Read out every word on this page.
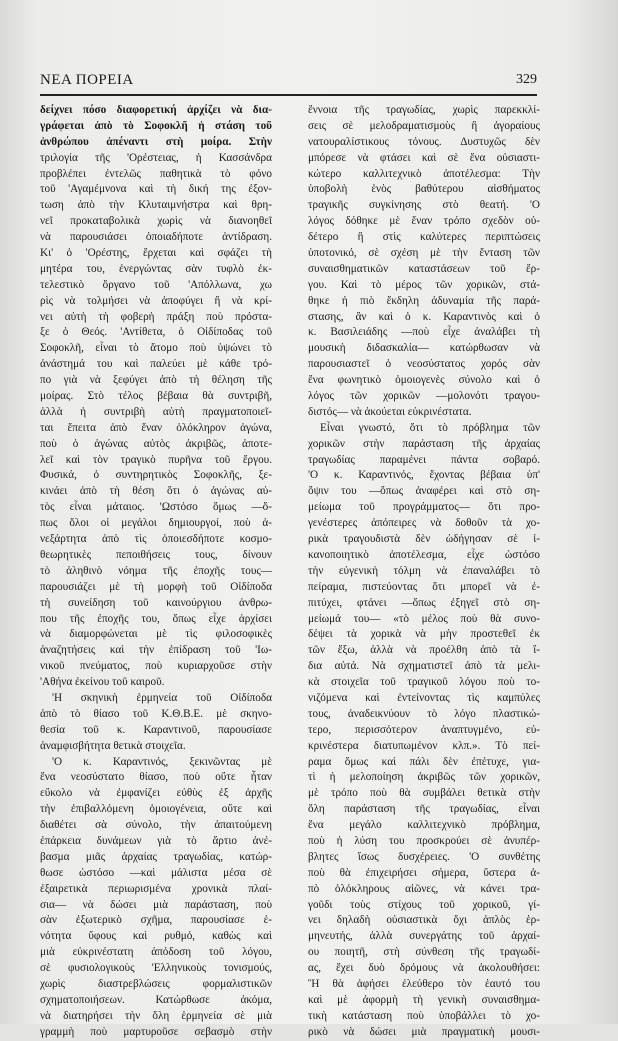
ΝΕΑ ΠΟΡΕΙΑ	329
δείχνει πόσο διαφορετική ἀρχίζει νὰ δια-
γράφεται ἀπὸ τὸ Σοφοκλῆ ἡ στάση τοῦ
ἀνθρώπου ἀπέναντι στὴ μοίρα. Στὴν
τριλογία τῆς 'Ορέστειας, ἡ Κασσάνδρα
προβλέπει ἐντελῶς παθητικὰ τὸ φόνο
τοῦ 'Αγαμέμνονα καὶ τὴ δική της ἐξον-
τωση ἀπὸ τὴν Κλυταιμνήστρα καὶ θρη-
νεῖ προκαταβολικὰ χωρὶς νὰ διανοηθεῖ
νὰ παρουσιάσει ὁποιαδήποτε ἀντίδραση.
Κι' ὁ 'Ορέστης, ἔρχεται καὶ σφάζει τὴ
μητέρα του, ἐνεργώντας σὰν τυφλὸ ἐκ-
τελεστικὸ ὄργανο τοῦ 'Απόλλωνα, χω
ρὶς νὰ τολμήσει νὰ ἀποφύγει ἢ νὰ κρί-
νει αὐτὴ τὴ φοβερὴ πράξη ποὺ πρόστα-
ξε ὁ Θεός. 'Αντίθετα, ὁ Οἰδίποδας τοῦ
Σοφοκλῆ, εἶναι τὸ ἄτομο ποὺ ὑψώνει τὸ
ἀνάστημά του καὶ παλεύει μὲ κάθε τρό-
πο γιὰ νὰ ξεφύγει ἀπὸ τὴ θέληση τῆς
μοίρας. Στὸ τέλος βέβαια θὰ συντριβῆ,
ἀλλὰ ἡ συντριβὴ αὐτὴ πραγματοποιεῖ-
ται ἔπειτα ἀπὸ ἕναν ὁλόκληρον ἀγώνα,
ποὺ ὁ ἀγώνας αὐτὸς ἀκριβῶς, ἀποτε-
λεῖ καὶ τὸν τραγικὸ πυρῆνα τοῦ ἔργου.
Φυσικά, ὁ συντηρητικὸς Σοφοκλῆς, ξε-
κινάει ἀπὸ τὴ θέση ὅτι ὁ ἀγώνας αὐ-
τὸς εἶναι μάταιος. 'Ωστόσο ὅμως —ὅ-
πως ὅλοι οἱ μεγάλοι δημιουργοί, ποὺ ἀ-
νεξάρτητα ἀπὸ τὶς ὁποιεσδήποτε κοσμο-
θεωρητικὲς πεποιθήσεις τους, δίνουν
τὸ ἀληθινὸ νόημα τῆς ἐποχῆς τους—
παρουσιάζει μὲ τὴ μορφὴ τοῦ Οἰδίποδα
τὴ συνείδηση τοῦ καινούργιου ἀνθρω-
που τῆς ἐποχῆς του, ὅπως εἶχε ἀρχίσει
νὰ διαμορφώνεται μὲ τὶς φιλοσοφικὲς
ἀναζητήσεις καὶ τὴν ἐπίδραση τοῦ 'Ιω-
νικοῦ πνεύματος, ποὺ κυριαρχοῦσε στὴν
'Αθήνα ἐκείνου τοῦ καιροῦ.
'Η σκηνικὴ ἑρμηνεία τοῦ Οἰδίποδα
ἀπὸ τὸ θίασο τοῦ Κ.Θ.Β.Ε. μὲ σκηνο-
θεσία τοῦ κ. Καραντινοῦ, παρουσίασε
ἀναμφισβήτητα θετικὰ στοιχεῖα.
'Ο κ. Καραντινός, ξεκινῶντας μὲ
ἕνα νεοσύστατο θίασο, ποὺ οὔτε ἦταν
εὔκολο νὰ ἐμφανίζει εὐθὺς ἐξ ἀρχῆς
τὴν ἐπιβαλλόμενη ὁμοιογένεια, οὔτε καὶ
διαθέτει σὰ σύνολο, τὴν ἀπαιτούμενη
ἐπάρκεια δυνάμεων γιὰ τὸ ἄρτιο ἀνέ-
βασμα μιᾶς ἀρχαίας τραγωδίας, κατώρ-
θωσε ὡστόσο —καὶ μάλιστα μέσα σὲ
ἐξαιρετικὰ περιωρισμένα χρονικὰ πλαί-
σια— νὰ δώσει μιὰ παράσταση, ποὺ
σὰν ἐξωτερικὸ σχῆμα, παρουσίασε ἑ-
νότητα ὕφους καὶ ρυθμό, καθὼς καὶ
μιὰ εὐκρινέστατη ἀπόδοση τοῦ λόγου,
σὲ φυσιολογικοὺς 'Ελληνικοὺς τονισμούς,
χωρὶς διαστρεβλώσεις φορμαλιστικῶν
σχηματοποιήσεων. Κατώρθωσε ἀκόμα,
νὰ διατηρήσει τὴν ὅλη ἑρμηνεία σὲ μιὰ
γραμμὴ ποὺ μαρτυροῦσε σεβασμὸ στὴν
ἔννοια τῆς τραγωδίας, χωρὶς παρεκκλί-
σεις σὲ μελοδραματισμοὺς ἢ ἀγοραίους
νατουραλίστικους τόνους. Δυστυχῶς δὲν
μπόρεσε νὰ φτάσει καὶ σὲ ἕνα οὐσιαστι-
κώτερο καλλιτεχνικὸ ἀποτέλεσμα: Τὴν
ὑποβολὴ ἑνὸς βαθύτερου αἰσθήματος
τραγικῆς συγκίνησης στὸ θεατή. 'Ο
λόγος δόθηκε μὲ ἕναν τρόπο σχεδὸν οὐ-
δέτερο ἢ στὶς καλύτερες περιπτώσεις
ὑποτονικό, σὲ σχέση μὲ τὴν ἔνταση τῶν
συναισθηματικῶν καταστάσεων τοῦ ἔρ-
γου. Καὶ τὸ μέρος τῶν χορικῶν, στά-
θηκε ἡ πιὸ ἔκδηλη ἀδυναμία τῆς παρά-
στασης, ἂν καὶ ὁ κ. Καραντινὸς καὶ ὁ
κ. Βασιλειάδης —ποὺ εἶχε ἀναλάβει τὴ
μουσικὴ διδασκαλία— κατώρθωσαν νὰ
παρουσιαστεῖ ὁ νεοσύστατος χορός σὰν
ἕνα φωνητικὸ ὁμοιογενὲς σύνολο καὶ ὁ
λόγος τῶν χορικῶν —μολονότι τραγου-
διστός— νὰ ἀκούεται εὐκρινέστατα.
Εἶναι γνωστό, ὅτι τὸ πρόβλημα τῶν
χορικῶν στὴν παράσταση τῆς ἀρχαίας
τραγωδίας παραμένει πάντα σοβαρό.
'Ο κ. Καραντινός, ἔχοντας βέβαια ὑπ'
ὄψιν του —ὅπως ἀναφέρει καὶ στὸ ση-
μείωμα τοῦ προγράμματος— ὅτι προ-
γενέστερες ἀπόπειρες νὰ δοθοῦν τὰ χο-
ρικὰ τραγουδιστὰ δὲν ὡδήγησαν σὲ ἱ-
κανοποιητικὸ ἀποτέλεσμα, εἶχε ὡστόσο
τὴν εὐγενικὴ τόλμη νὰ ἐπαναλάβει τὸ
πείραμα, πιστεύοντας ὅτι μπορεῖ νὰ ἐ-
πιτύχει, φτάνει —ὅπως ἐξηγεῖ στὸ ση-
μείωμά του— «τὸ μέλος ποὺ θὰ συνο-
δέψει τὰ χορικὰ νὰ μὴν προστεθεῖ ἐκ
τῶν ἔξω, ἀλλὰ νὰ προέλθη ἀπὸ τὰ ἴ-
δια αὐτά. Νὰ σχηματιστεῖ ἀπὸ τὰ μελι-
κὰ στοιχεῖα τοῦ τραγικοῦ λόγου ποὺ το-
νιζόμενα καὶ ἐντείνοντας τὶς καμπύλες
τους, ἀναδεικνύουν τὸ λόγο πλαστικώ-
τερο, περισσότερον ἀναπτυγμένο, εὐ-
κρινέστερα διατυπωμένον κλπ.». Τὸ πεί-
ραμα ὅμως καὶ πάλι δὲν ἐπέτυχε, για-
τὶ ἡ μελοποίηση ἀκριβῶς τῶν χορικῶν,
μὲ τρόπο ποὺ θὰ συμβάλει θετικὰ στὴν
ὅλη παράσταση τῆς τραγωδίας, εἶναι
ἕνα μεγάλο καλλιτεχνικὸ πρόβλημα,
ποὺ ἡ λύση του προσκρούει σὲ ἀνυπέρ-
βλητες ἴσως δυσχέρειες. 'Ο συνθέτης
ποὺ θὰ ἐπιχειρήσει σήμερα, ὕστερα ἀ-
πὸ ὁλόκληρους αἰῶνες, νὰ κάνει τρα-
γοῦδι τοὺς στίχους τοῦ χορικοῦ, γί-
νει δηλαδὴ οὐσιαστικὰ ὄχι ἁπλὸς ἑρ-
μηνευτής, ἀλλὰ συνεργάτης τοῦ ἀρχαί-
ου ποιητῆ, στὴ σύνθεση τῆς τραγωδί-
ας, ἔχει δυὸ δρόμους νὰ ἀκολουθήσει:
Ἢ θὰ ἀφήσει ἐλεύθερο τὸν ἑαυτό του
καὶ μὲ ἀφορμὴ τὴ γενικὴ συναισθημα-
τικὴ κατάσταση ποὺ ὑποβάλλει τὸ χο-
ρικὸ νὰ δώσει μιὰ πραγματικὴ μουσι-
